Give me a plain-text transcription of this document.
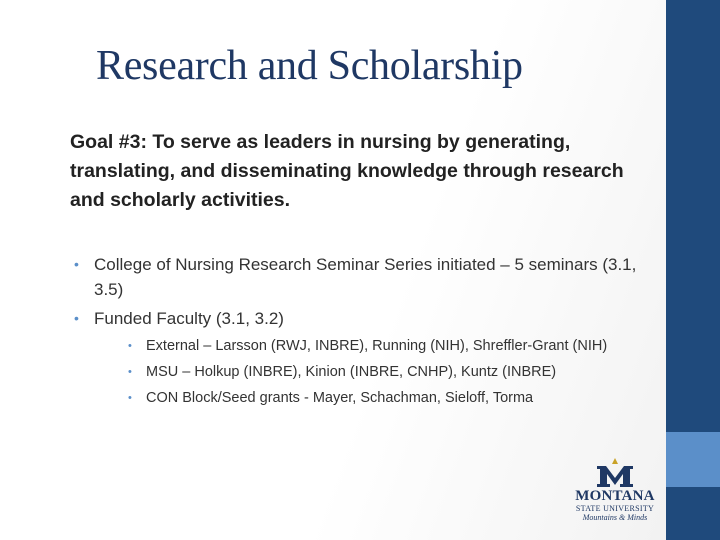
Research and Scholarship
Goal #3: To serve as leaders in nursing by generating, translating, and disseminating knowledge through research and scholarly activities.
• College of Nursing Research Seminar Series initiated – 5 seminars (3.1, 3.5)
• Funded Faculty (3.1, 3.2)
• External – Larsson (RWJ, INBRE), Running (NIH), Shreffler-Grant (NIH)
• MSU – Holkup (INBRE), Kinion (INBRE, CNHP), Kuntz (INBRE)
• CON Block/Seed grants - Mayer, Schachman, Sieloff, Torma
MONTANA
STATE UNIVERSITY
Mountains & Minds
